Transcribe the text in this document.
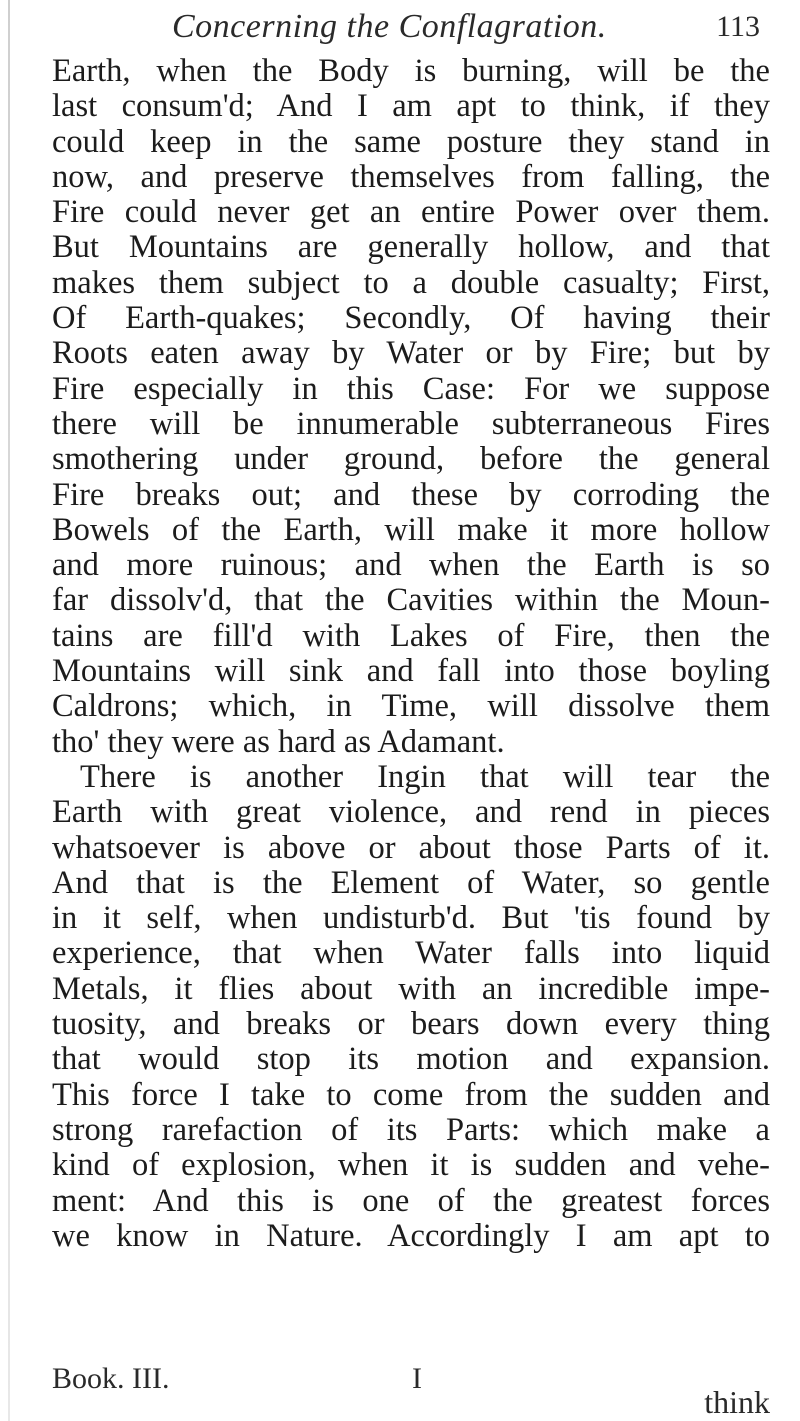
Concerning the Conflagration.	113
Earth, when the Body is burning, will be the
last consum'd; And I am apt to think, if they
could keep in the same posture they stand in
now, and preserve themselves from falling, the
Fire could never get an entire Power over them.
But Mountains are generally hollow, and that
makes them subject to a double casualty; First,
Of Earth-quakes; Secondly, Of having their
Roots eaten away by Water or by Fire; but by
Fire especially in this Case: For we suppose
there will be innumerable subterraneous Fires
smothering under ground, before the general
Fire breaks out; and these by corroding the
Bowels of the Earth, will make it more hollow
and more ruinous; and when the Earth is so
far dissolv'd, that the Cavities within the Moun-
tains are fill'd with Lakes of Fire, then the
Mountains will sink and fall into those boyling
Caldrons; which, in Time, will dissolve them
tho' they were as hard as Adamant.
There is another Ingin that will tear the
Earth with great violence, and rend in pieces
whatsoever is above or about those Parts of it.
And that is the Element of Water, so gentle
in it self, when undisturb'd. But 'tis found by
experience, that when Water falls into liquid
Metals, it flies about with an incredible impe-
tuosity, and breaks or bears down every thing
that would stop its motion and expansion.
This force I take to come from the sudden and
strong rarefaction of its Parts: which make a
kind of explosion, when it is sudden and vehe-
ment: And this is one of the greatest forces
we know in Nature. Accordingly I am apt to
Book. III.	I
think
